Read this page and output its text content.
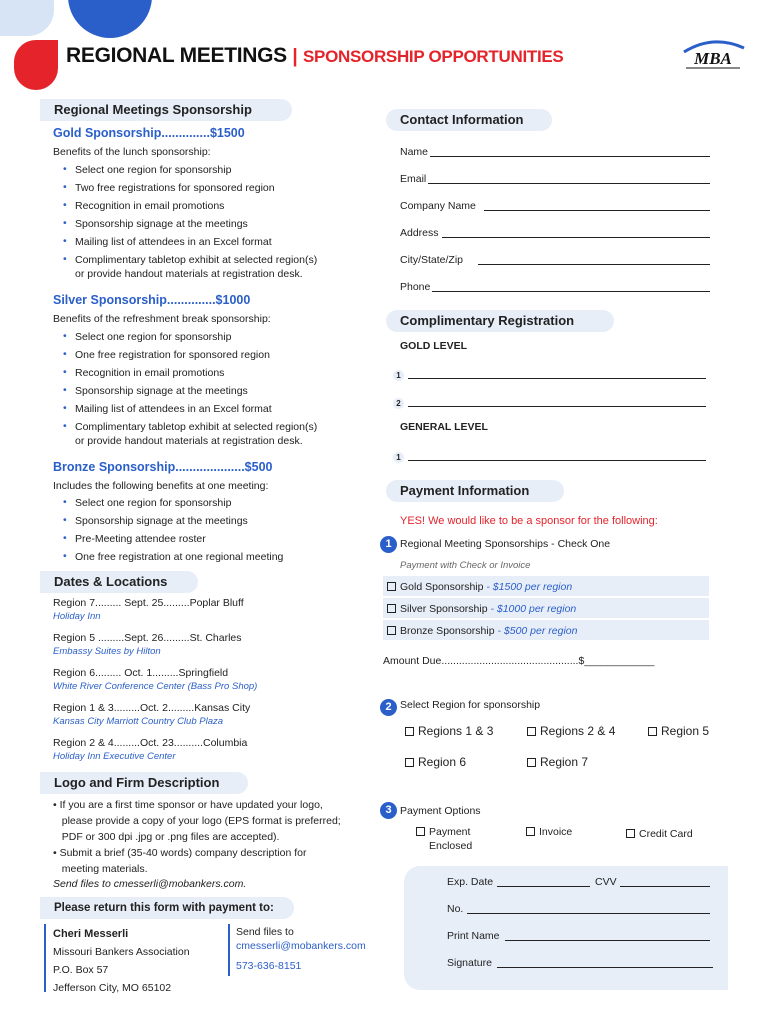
REGIONAL MEETINGS | SPONSORSHIP OPPORTUNITIES	MBA
Regional Meetings Sponsorship
Gold Sponsorship..............$1500
Benefits of the lunch sponsorship:
• Select one region for sponsorship
• Two free registrations for sponsored region
• Recognition in email promotions
• Sponsorship signage at the meetings
• Mailing list of attendees in an Excel format
• Complimentary tabletop exhibit at selected region(s)
or provide handout materials at registration desk.
Silver Sponsorship..............$1000
Benefits of the refreshment break sponsorship:
• Select one region for sponsorship
• One free registration for sponsored region
• Recognition in email promotions
• Sponsorship signage at the meetings
• Mailing list of attendees in an Excel format
• Complimentary tabletop exhibit at selected region(s)
or provide handout materials at registration desk.
Bronze Sponsorship....................$500
Includes the following benefits at one meeting:
• Select one region for sponsorship
• Sponsorship signage at the meetings
• Pre-Meeting attendee roster
• One free registration at one regional meeting
Dates & Locations
Region 7......... Sept. 25.........Poplar Bluff
Holiday Inn
Region 5 .........Sept. 26.........St. Charles
Embassy Suites by Hilton
Region 6......... Oct. 1.........Springfield
White River Conference Center (Bass Pro Shop)
Region 1 & 3.........Oct. 2.........Kansas City
Kansas City Marriott Country Club Plaza
Region 2 & 4.........Oct. 23..........Columbia
Holiday Inn Executive Center
Logo and Firm Description
• If you are a first time sponsor or have updated your logo,
please provide a copy of your logo (EPS format is preferred;
PDF or 300 dpi .jpg or .png files are accepted).
• Submit a brief (35-40 words) company description for
meeting materials.
Send files to cmesserli@mobankers.com.
Please return this form with payment to:
Cheri Messerli
Missouri Bankers Association
P.O. Box 57
Jefferson City, MO 65102
Send files to
cmesserli@mobankers.com
573-636-8151
Contact Information
Name
Email
Company Name
Address
City/State/Zip
Phone
Complimentary Registration
GOLD LEVEL
1
2
GENERAL LEVEL
1
Payment Information
YES! We would like to be a sponsor for the following:
1 Regional Meeting Sponsorships - Check One
Payment with Check or Invoice
Gold Sponsorship - $1500 per region
Silver Sponsorship - $1000 per region
Bronze Sponsorship - $500 per region
Amount Due...............................................$____________
2 Select Region for sponsorship
Regions 1 & 3	Regions 2 & 4	Region 5
Region 6	Region 7
3 Payment Options
Payment
Enclosed
Invoice	Credit Card
Exp. Date	CVV
No.
Print Name
Signature
